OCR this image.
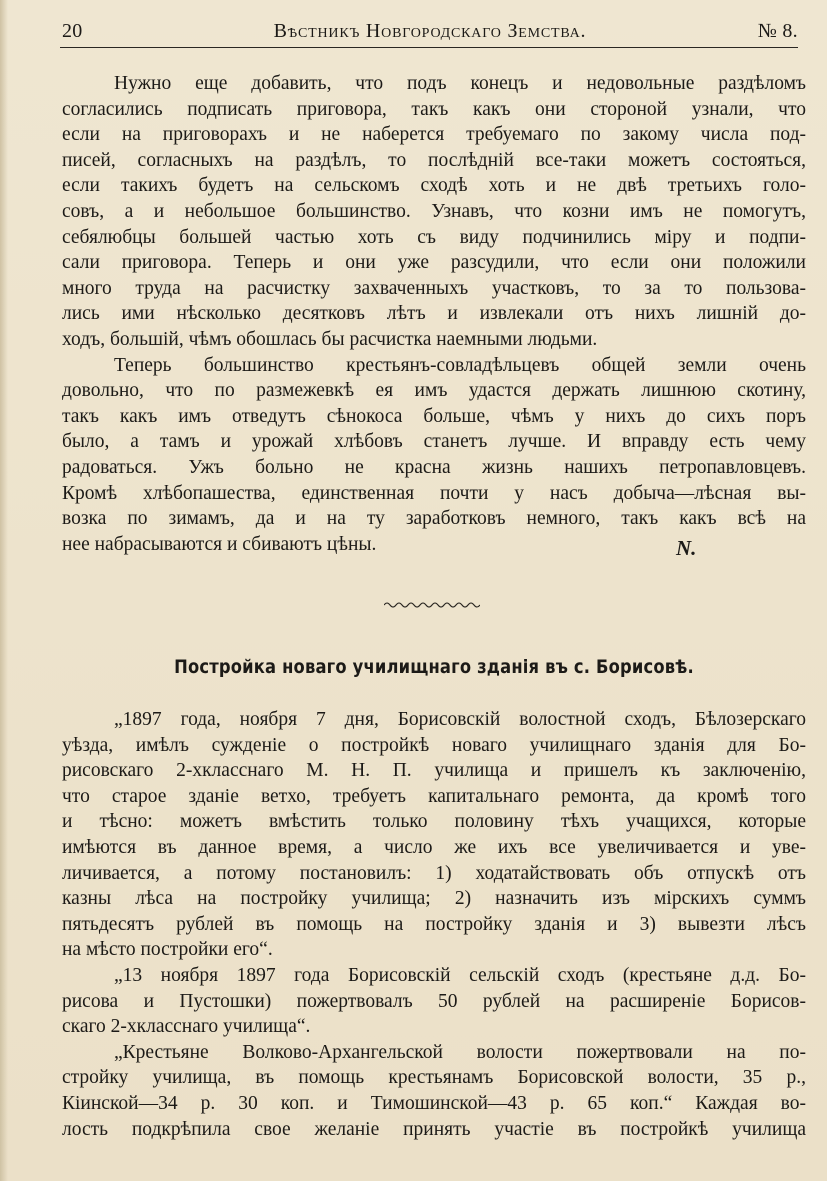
20	Вѣстникъ Новгородскаго Земства.	№ 8.
Нужно еще добавить, что подъ конецъ и недовольные раздѣломъ
согласились подписать приговора, такъ какъ они стороной узнали, что
если на приговорахъ и не наберется требуемаго по закому числа под-
писей, согласныхъ на раздѣлъ, то послѣднiй все-таки можетъ состояться,
если такихъ будетъ на сельскомъ сходѣ хоть и не двѣ третьихъ голо-
совъ, а и небольшое большинство. Узнавъ, что козни имъ не помогутъ,
себялюбцы большей частью хоть съ виду подчинились мiру и подпи-
сали приговора. Теперь и они уже разсудили, что если они положили
много труда на расчистку захваченныхъ участковъ, то за то пользова-
лись ими нѣсколько десятковъ лѣтъ и извлекали отъ нихъ лишнiй до-
ходъ, большiй, чѣмъ обошлась бы расчистка наемными людьми.
Теперь большинство крестьянъ-совладѣльцевъ общей земли очень
довольно, что по размежевкѣ ея имъ удастся держать лишнюю скотину,
такъ какъ имъ отведутъ сѣнокоса больше, чѣмъ у нихъ до сихъ поръ
было, а тамъ и урожай хлѣбовъ станетъ лучше. И вправду есть чему
радоваться. Ужъ больно не красна жизнь нашихъ петропавловцевъ.
Кромѣ хлѣбопашества, единственная почти у насъ добыча—лѣсная вы-
возка по зимамъ, да и на ту заработковъ немного, такъ какъ всѣ на
нее набрасываются и сбиваютъ цѣны.	N.
Постройка новаго училищнаго зданiя въ с. Борисовѣ.
„1897 года, ноября 7 дня, Борисовскiй волостной сходъ, Бѣлозерскаго
уѣзда, имѣлъ сужденiе о постройкѣ новаго училищнаго зданiя для Бо-
рисовскаго 2-хкласснаго М. Н. П. училища и пришелъ къ заключенiю,
что старое зданiе ветхо, требуетъ капитальнаго ремонта, да кромѣ того
и тѣсно: можетъ вмѣстить только половину тѣхъ учащихся, которые
имѣются въ данное время, а число же ихъ все увеличивается и уве-
личивается, а потому постановилъ: 1) ходатайствовать объ отпускѣ отъ
казны лѣса на постройку училища; 2) назначить изъ мiрскихъ суммъ
пятьдесятъ рублей въ помощь на постройку зданiя и 3) вывезти лѣсъ
на мѣсто постройки его“.
„13 ноября 1897 года Борисовскiй сельскiй сходъ (крестьяне д.д. Бо-
рисова и Пустошки) пожертвовалъ 50 рублей на расширенiе Борисов-
скаго 2-хкласснаго училища“.
„Крестьяне Волково-Архангельской волости пожертвовали на по-
стройку училища, въ помощь крестьянамъ Борисовской волости, 35 р.,
Кiинской—34 р. 30 коп. и Тимошинской—43 р. 65 коп.“ Каждая во-
лость подкрѣпила свое желанiе принять участiе въ постройкѣ училища
